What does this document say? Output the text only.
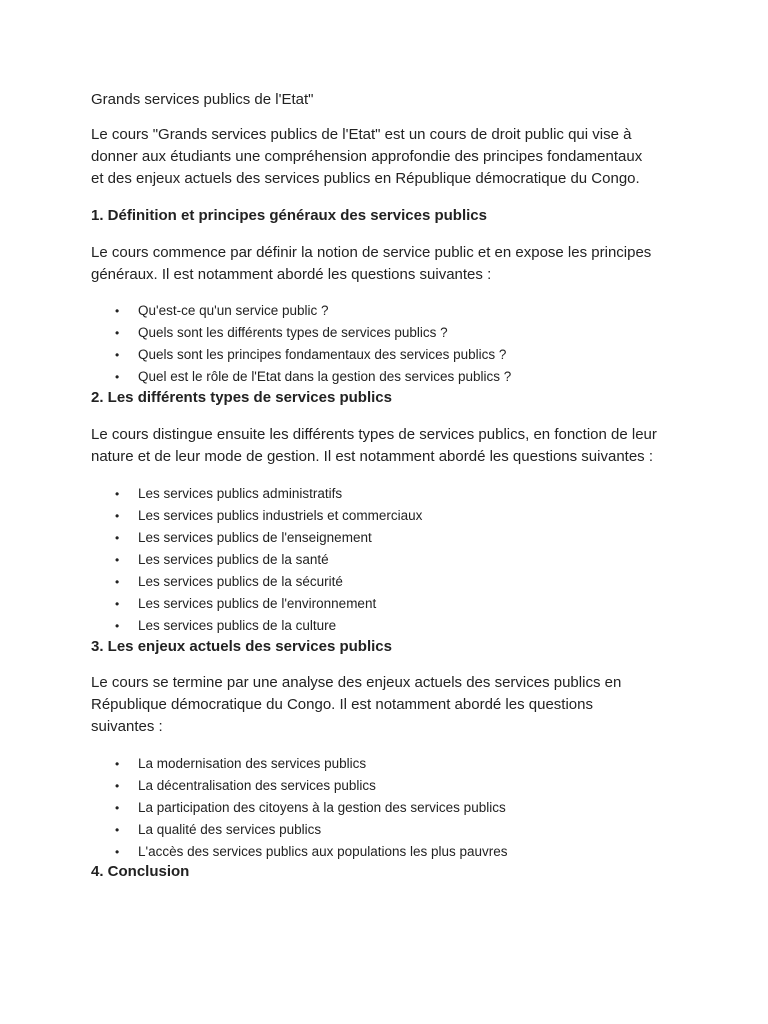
Grands services publics de l'Etat"
Le cours "Grands services publics de l'Etat" est un cours de droit public qui vise à
donner aux étudiants une compréhension approfondie des principes fondamentaux
et des enjeux actuels des services publics en République démocratique du Congo.
1. Définition et principes généraux des services publics
Le cours commence par définir la notion de service public et en expose les principes
généraux. Il est notamment abordé les questions suivantes :
•
Qu'est-ce qu'un service public ?
•
Quels sont les différents types de services publics ?
•
Quels sont les principes fondamentaux des services publics ?
•
Quel est le rôle de l'Etat dans la gestion des services publics ?
2. Les différents types de services publics
Le cours distingue ensuite les différents types de services publics, en fonction de leur
nature et de leur mode de gestion. Il est notamment abordé les questions suivantes :
•
Les services publics administratifs
•
Les services publics industriels et commerciaux
•
Les services publics de l'enseignement
•
Les services publics de la santé
•
Les services publics de la sécurité
•
Les services publics de l'environnement
•
Les services publics de la culture
3. Les enjeux actuels des services publics
Le cours se termine par une analyse des enjeux actuels des services publics en
République démocratique du Congo. Il est notamment abordé les questions
suivantes :
•
La modernisation des services publics
•
La décentralisation des services publics
•
La participation des citoyens à la gestion des services publics
•
La qualité des services publics
•
L'accès des services publics aux populations les plus pauvres
4. Conclusion
